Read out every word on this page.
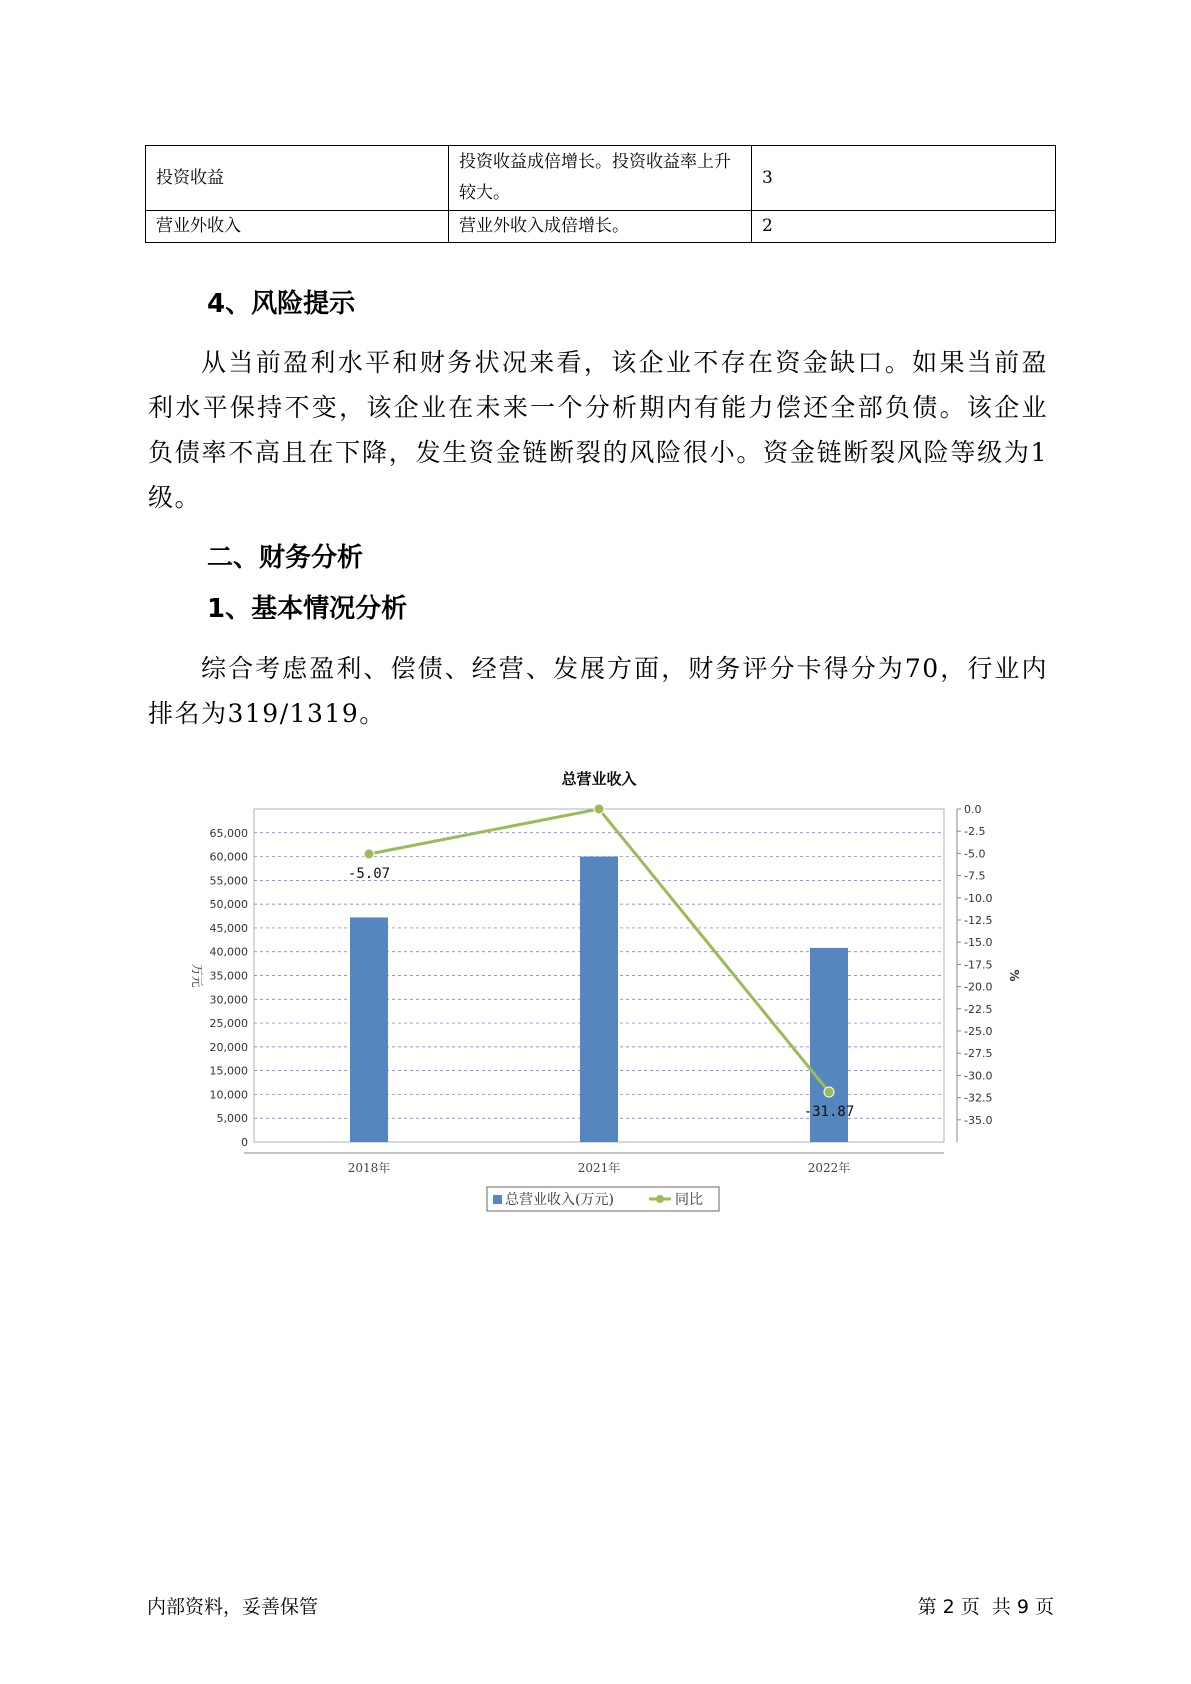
投资收益	投资收益成倍增长。投资收益率上升较大。	3
营业外收入	营业外收入成倍增长。	2
4、风险提示
从当前盈利水平和财务状况来看，该企业不存在资金缺口。如果当前盈利水平保持不变，该企业在未来一个分析期内有能力偿还全部负债。该企业负债率不高且在下降，发生资金链断裂的风险很小。资金链断裂风险等级为1级。
二、财务分析
1、基本情况分析
综合考虑盈利、偿债、经营、发展方面，财务评分卡得分为70，行业内排名为319/1319。
总营业收入
0
5,000
10,000
15,000
20,000
25,000
30,000
35,000
40,000
45,000
50,000
55,000
60,000
65,000
2018年	2021年	2022年
0.0
-2.5
-5.0
-7.5
-10.0
-12.5
-15.0
-17.5
-20.0
-22.5
-25.0
-27.5
-30.0
-32.5
-35.0
万元	%
-5.07
-31.87
总营业收入(万元)	同比
内部资料，妥善保管	第 2 页  共 9 页
